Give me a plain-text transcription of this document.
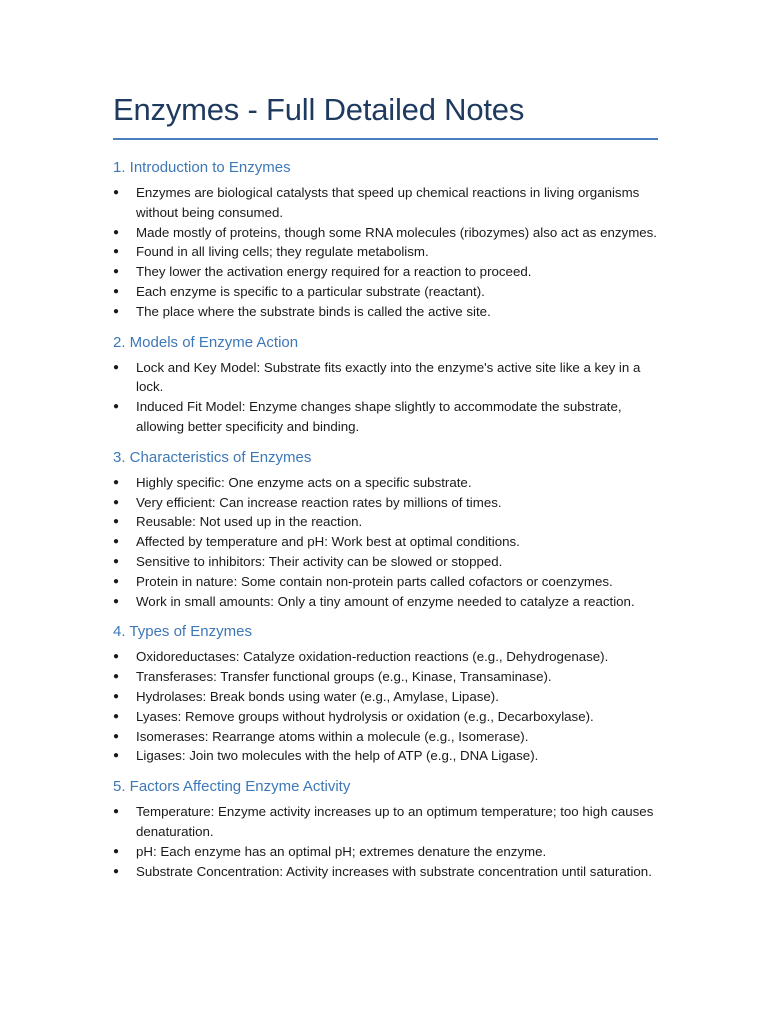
Enzymes - Full Detailed Notes
1. Introduction to Enzymes
● Enzymes are biological catalysts that speed up chemical reactions in living organisms without being consumed.
● Made mostly of proteins, though some RNA molecules (ribozymes) also act as enzymes.
● Found in all living cells; they regulate metabolism.
● They lower the activation energy required for a reaction to proceed.
● Each enzyme is specific to a particular substrate (reactant).
● The place where the substrate binds is called the active site.
2. Models of Enzyme Action
● Lock and Key Model: Substrate fits exactly into the enzyme's active site like a key in a lock.
● Induced Fit Model: Enzyme changes shape slightly to accommodate the substrate, allowing better specificity and binding.
3. Characteristics of Enzymes
● Highly specific: One enzyme acts on a specific substrate.
● Very efficient: Can increase reaction rates by millions of times.
● Reusable: Not used up in the reaction.
● Affected by temperature and pH: Work best at optimal conditions.
● Sensitive to inhibitors: Their activity can be slowed or stopped.
● Protein in nature: Some contain non-protein parts called cofactors or coenzymes.
● Work in small amounts: Only a tiny amount of enzyme needed to catalyze a reaction.
4. Types of Enzymes
● Oxidoreductases: Catalyze oxidation-reduction reactions (e.g., Dehydrogenase).
● Transferases: Transfer functional groups (e.g., Kinase, Transaminase).
● Hydrolases: Break bonds using water (e.g., Amylase, Lipase).
● Lyases: Remove groups without hydrolysis or oxidation (e.g., Decarboxylase).
● Isomerases: Rearrange atoms within a molecule (e.g., Isomerase).
● Ligases: Join two molecules with the help of ATP (e.g., DNA Ligase).
5. Factors Affecting Enzyme Activity
● Temperature: Enzyme activity increases up to an optimum temperature; too high causes denaturation.
● pH: Each enzyme has an optimal pH; extremes denature the enzyme.
● Substrate Concentration: Activity increases with substrate concentration until saturation.
